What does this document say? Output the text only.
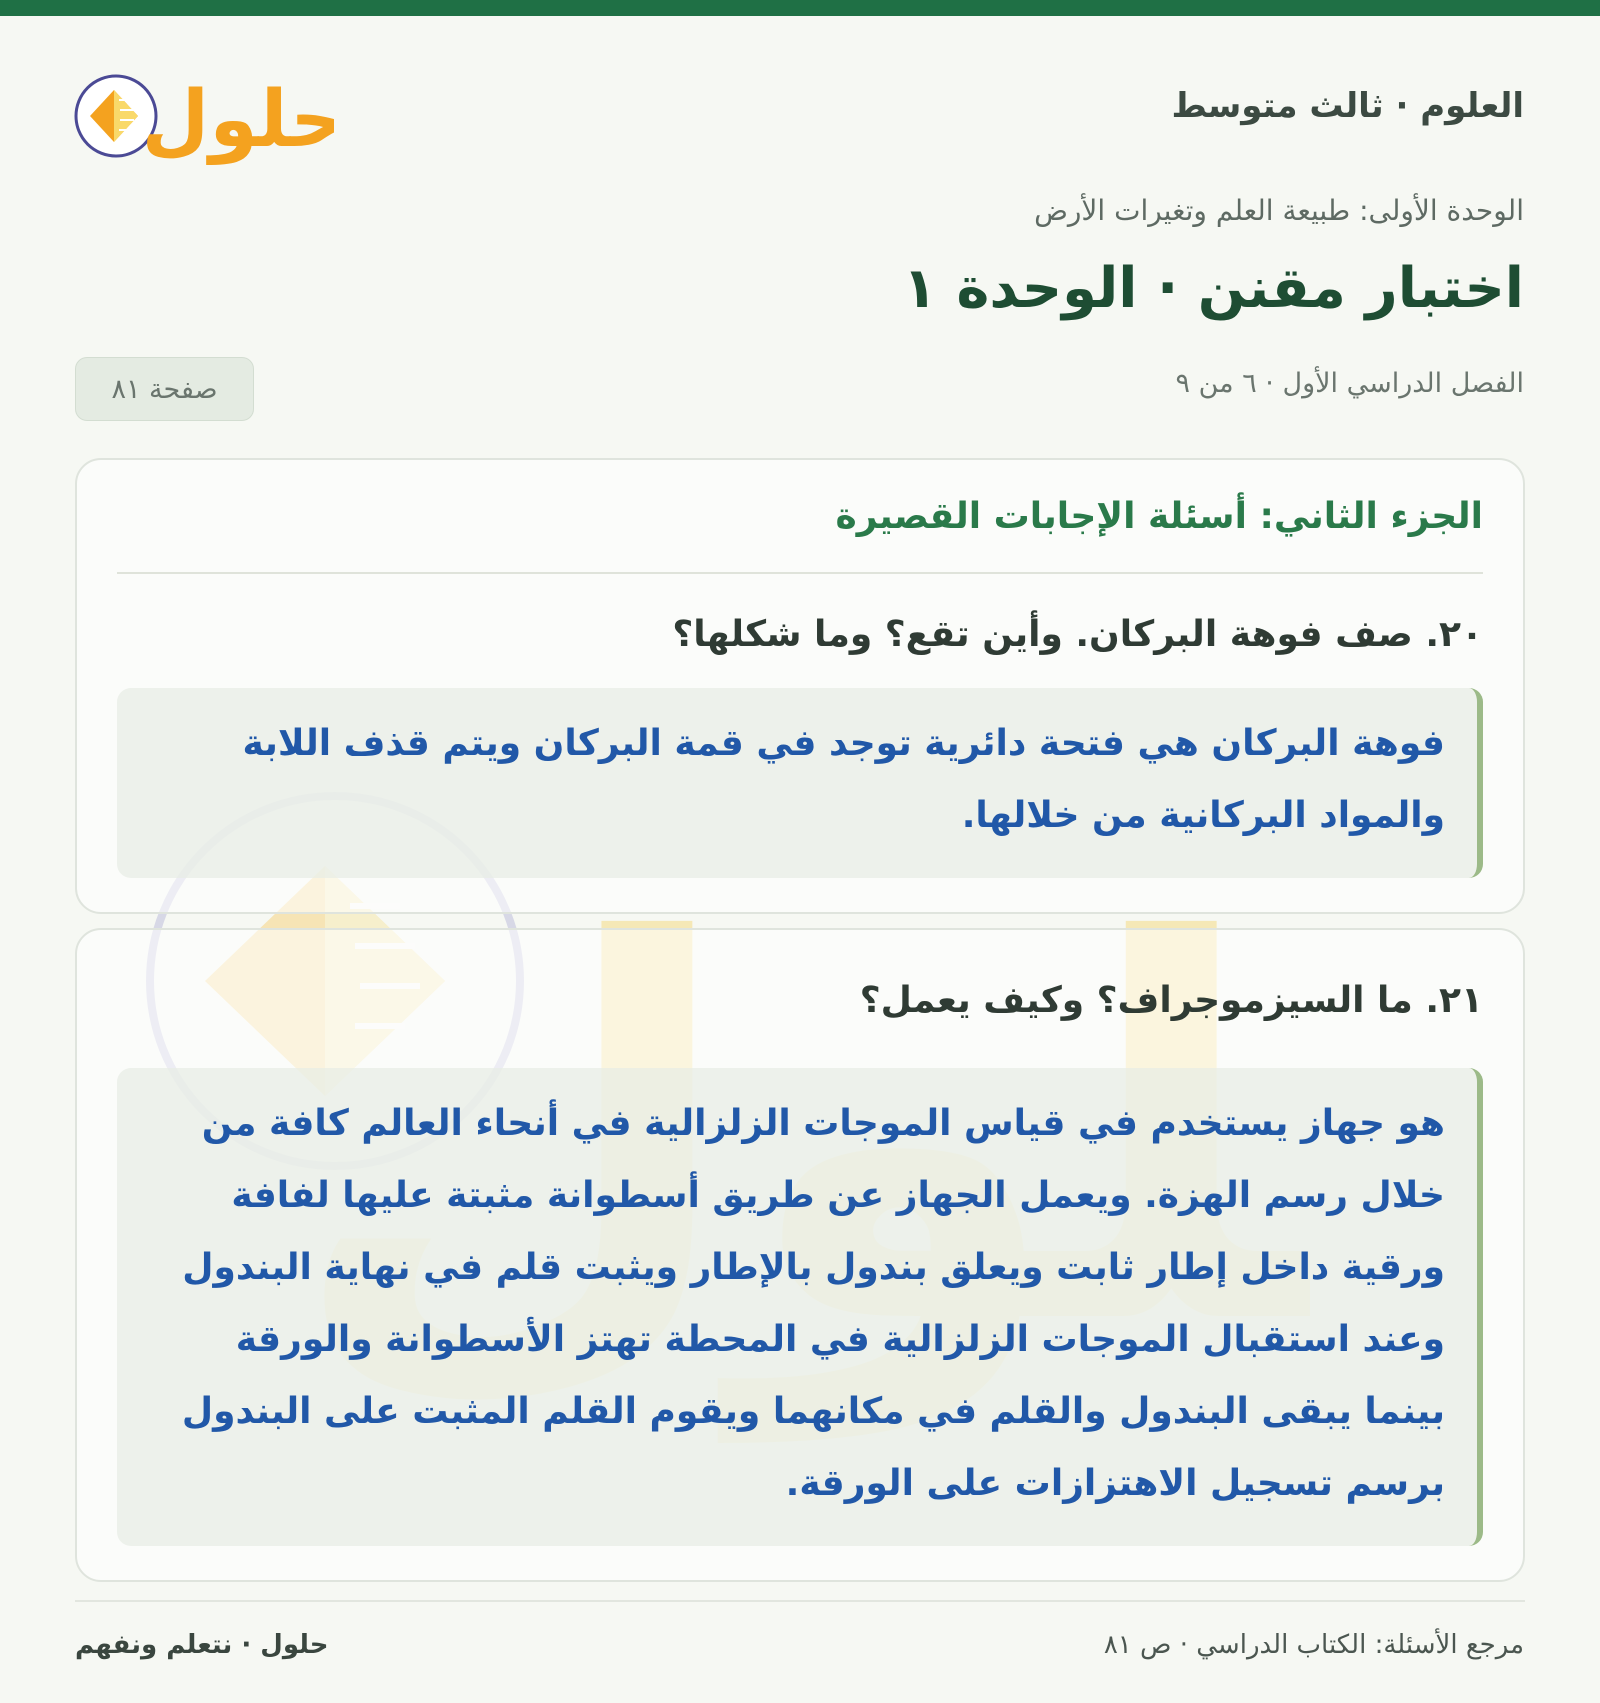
حلول	العلوم · ثالث متوسط
الوحدة الأولى: طبيعة العلم وتغيرات الأرض
اختبار مقنن · الوحدة ١
الفصل الدراسي الأول · ٦ من ٩
صفحة ٨١
الجزء الثاني: أسئلة الإجابات القصيرة
٢٠. صف فوهة البركان. وأين تقع؟ وما شكلها؟
فوهة البركان هي فتحة دائرية توجد في قمة البركان ويتم قذف اللابة والمواد البركانية من خلالها.
٢١. ما السيزموجراف؟ وكيف يعمل؟
هو جهاز يستخدم في قياس الموجات الزلزالية في أنحاء العالم كافة من خلال رسم الهزة. ويعمل الجهاز عن طريق أسطوانة مثبتة عليها لفافة ورقية داخل إطار ثابت ويعلق بندول بالإطار ويثبت قلم في نهاية البندول وعند استقبال الموجات الزلزالية في المحطة تهتز الأسطوانة والورقة بينما يبقى البندول والقلم في مكانهما ويقوم القلم المثبت على البندول برسم تسجيل الاهتزازات على الورقة.
مرجع الأسئلة: الكتاب الدراسي · ص ٨١
حلول · نتعلم ونفهم
